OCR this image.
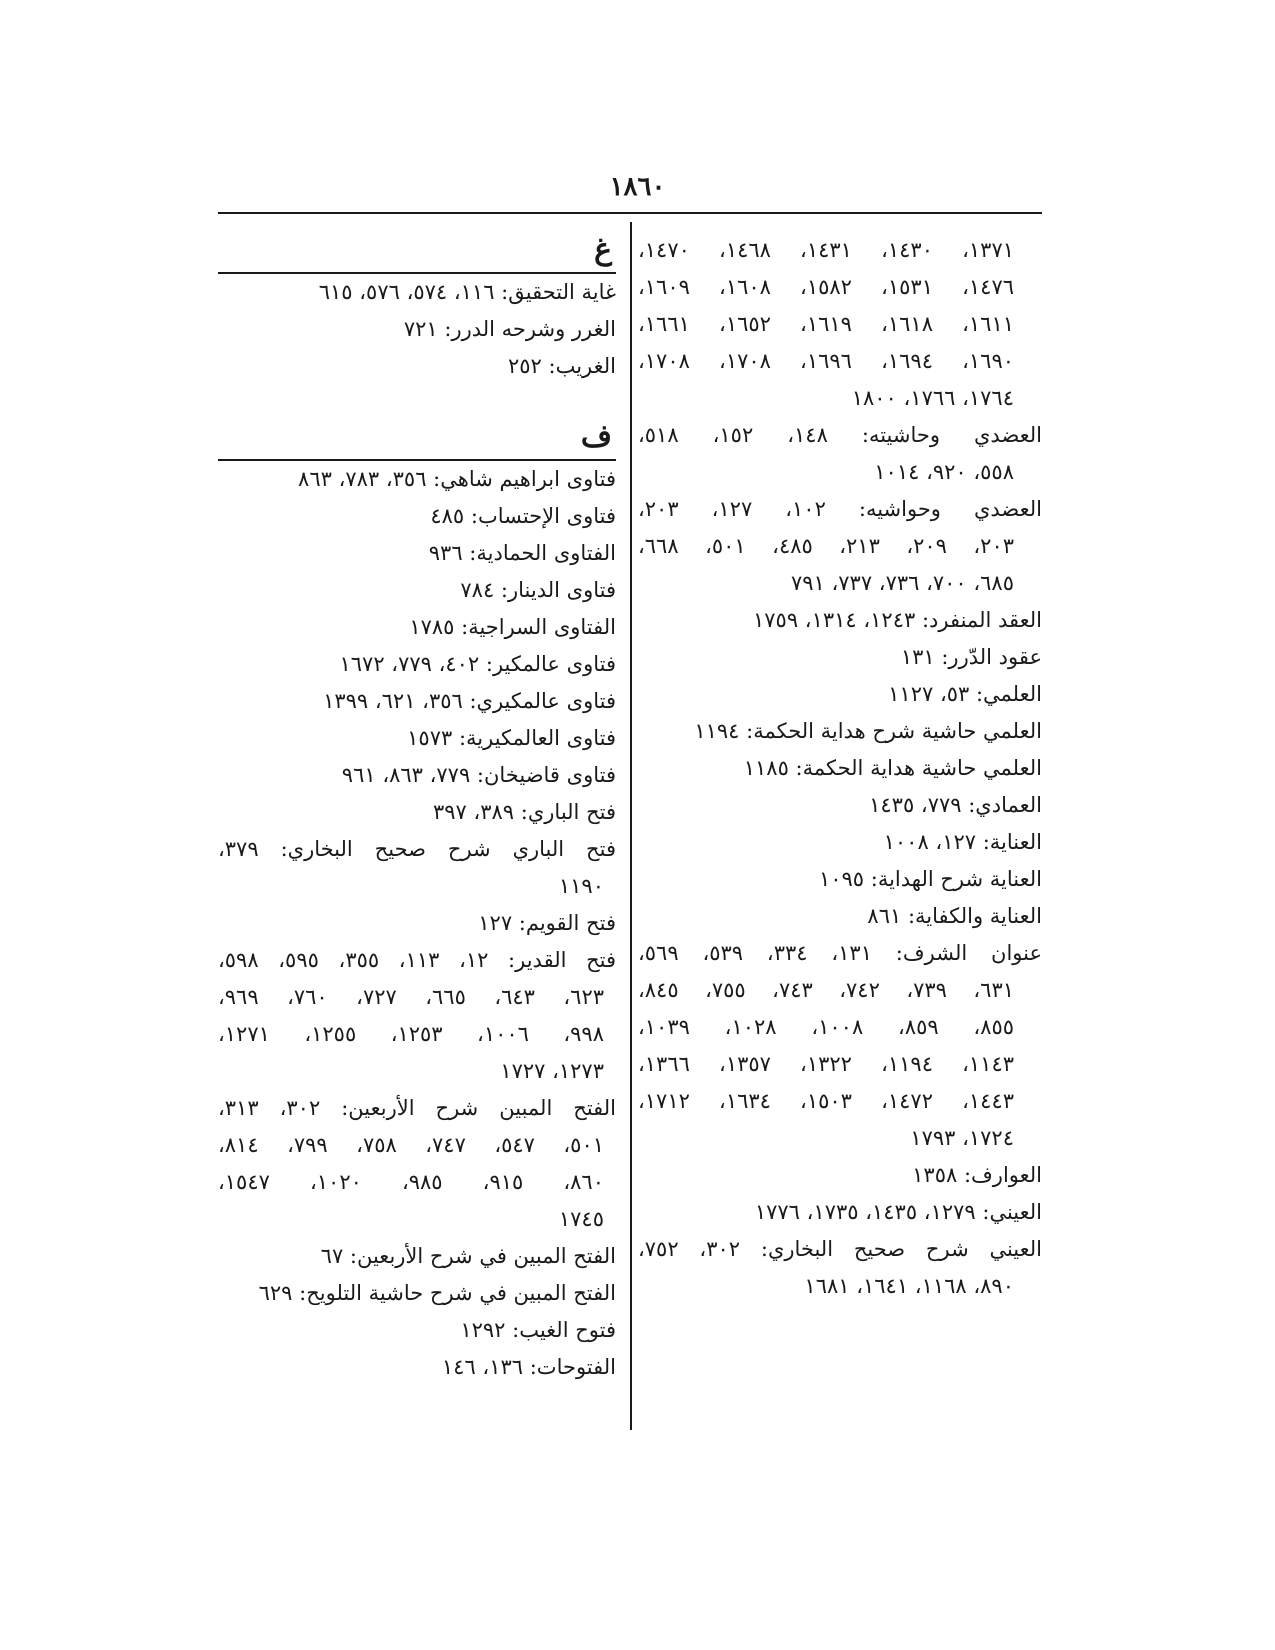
١٨٦٠
١٣٧١، ١٤٣٠، ١٤٣١، ١٤٦٨، ١٤٧٠،
١٤٧٦، ١٥٣١، ١٥٨٢، ١٦٠٨، ١٦٠٩،
١٦١١، ١٦١٨، ١٦١٩، ١٦٥٢، ١٦٦١،
١٦٩٠، ١٦٩٤، ١٦٩٦، ١٧٠٨، ١٧٠٨،
١٧٦٤، ١٧٦٦، ١٨٠٠
العضدي وحاشيته: ١٤٨، ١٥٢، ٥١٨،
٥٥٨، ٩٢٠، ١٠١٤
العضدي وحواشيه: ١٠٢، ١٢٧، ٢٠٣،
٢٠٣، ٢٠٩، ٢١٣، ٤٨٥، ٥٠١، ٦٦٨،
٦٨٥، ٧٠٠، ٧٣٦، ٧٣٧، ٧٩١
العقد المنفرد: ١٢٤٣، ١٣١٤، ١٧٥٩
عقود الدّرر: ١٣١
العلمي: ٥٣، ١١٢٧
العلمي حاشية شرح هداية الحكمة: ١١٩٤
العلمي حاشية هداية الحكمة: ١١٨٥
العمادي: ٧٧٩، ١٤٣٥
العناية: ١٢٧، ١٠٠٨
العناية شرح الهداية: ١٠٩٥
العناية والكفاية: ٨٦١
عنوان الشرف: ١٣١، ٣٣٤، ٥٣٩، ٥٦٩،
٦٣١، ٧٣٩، ٧٤٢، ٧٤٣، ٧٥٥، ٨٤٥،
٨٥٥، ٨٥٩، ١٠٠٨، ١٠٢٨، ١٠٣٩،
١١٤٣، ١١٩٤، ١٣٢٢، ١٣٥٧، ١٣٦٦،
١٤٤٣، ١٤٧٢، ١٥٠٣، ١٦٣٤، ١٧١٢،
١٧٢٤، ١٧٩٣
العوارف: ١٣٥٨
العيني: ١٢٧٩، ١٤٣٥، ١٧٣٥، ١٧٧٦
العيني شرح صحيح البخاري: ٣٠٢، ٧٥٢،
٨٩٠، ١١٦٨، ١٦٤١، ١٦٨١
غ
غاية التحقيق: ١١٦، ٥٧٤، ٥٧٦، ٦١٥
الغرر وشرحه الدرر: ٧٢١
الغريب: ٢٥٢
ف
فتاوى ابراهيم شاهي: ٣٥٦، ٧٨٣، ٨٦٣
فتاوى الإحتساب: ٤٨٥
الفتاوى الحمادية: ٩٣٦
فتاوى الدينار: ٧٨٤
الفتاوى السراجية: ١٧٨٥
فتاوى عالمكير: ٤٠٢، ٧٧٩، ١٦٧٢
فتاوى عالمكيري: ٣٥٦، ٦٢١، ١٣٩٩
فتاوى العالمكيرية: ١٥٧٣
فتاوى قاضيخان: ٧٧٩، ٨٦٣، ٩٦١
فتح الباري: ٣٨٩، ٣٩٧
فتح الباري شرح صحيح البخاري: ٣٧٩،
١١٩٠
فتح القويم: ١٢٧
فتح القدير: ١٢، ١١٣، ٣٥٥، ٥٩٥، ٥٩٨،
٦٢٣، ٦٤٣، ٦٦٥، ٧٢٧، ٧٦٠، ٩٦٩،
٩٩٨، ١٠٠٦، ١٢٥٣، ١٢٥٥، ١٢٧١،
١٢٧٣، ١٧٢٧
الفتح المبين شرح الأربعين: ٣٠٢، ٣١٣،
٥٠١، ٥٤٧، ٧٤٧، ٧٥٨، ٧٩٩، ٨١٤،
٨٦٠، ٩١٥، ٩٨٥، ١٠٢٠، ١٥٤٧،
١٧٤٥
الفتح المبين في شرح الأربعين: ٦٧
الفتح المبين في شرح حاشية التلويح: ٦٢٩
فتوح الغيب: ١٢٩٢
الفتوحات: ١٣٦، ١٤٦
